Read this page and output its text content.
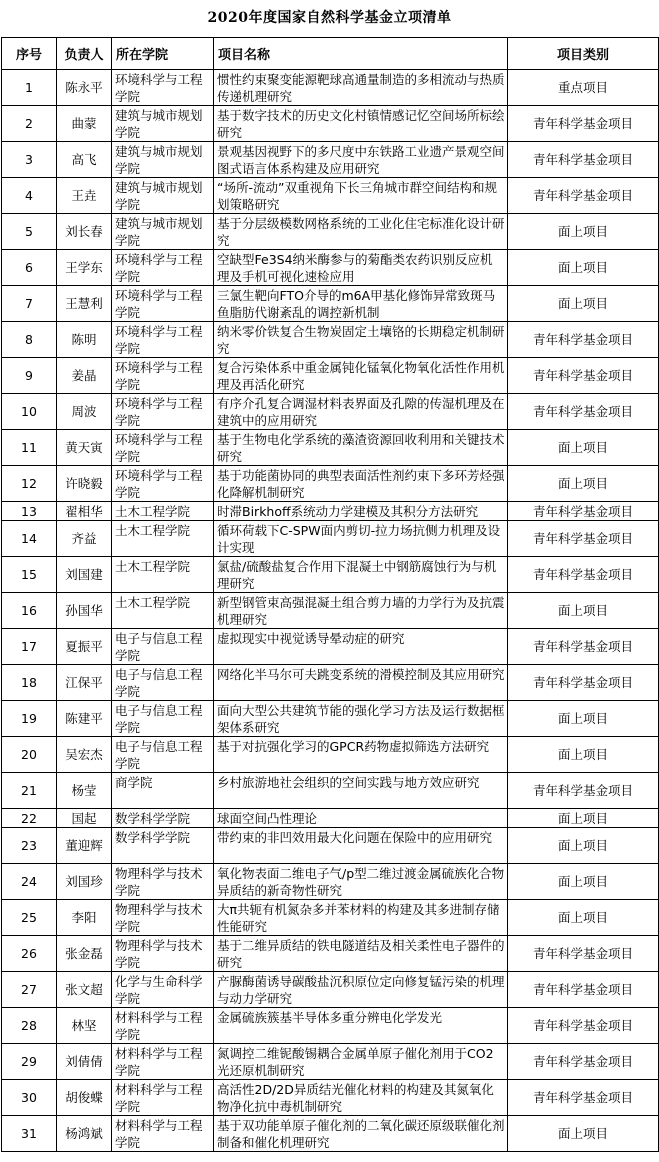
2020年度国家自然科学基金立项清单
序号	负责人	所在学院	项目名称	项目类别
1	陈永平	环境科学与工程学院	惯性约束聚变能源靶球高通量制造的多相流动与热质传递机理研究	重点项目
2	曲蒙	建筑与城市规划学院	基于数字技术的历史文化村镇情感记忆空间场所标绘研究	青年科学基金项目
3	高飞	建筑与城市规划学院	景观基因视野下的多尺度中东铁路工业遗产景观空间图式语言体系构建及应用研究	青年科学基金项目
4	王垚	建筑与城市规划学院	“场所-流动”双重视角下长三角城市群空间结构和规划策略研究	青年科学基金项目
5	刘长春	建筑与城市规划学院	基于分层级模数网格系统的工业化住宅标准化设计研究	面上项目
6	王学东	环境科学与工程学院	空缺型Fe3S4纳米酶参与的菊酯类农药识别反应机理及手机可视化速检应用	面上项目
7	王慧利	环境科学与工程学院	三氯生靶向FTO介导的m6A甲基化修饰异常致斑马鱼脂肪代谢紊乱的调控新机制	面上项目
8	陈明	环境科学与工程学院	纳米零价铁复合生物炭固定土壤铬的长期稳定机制研究	青年科学基金项目
9	姜晶	环境科学与工程学院	复合污染体系中重金属钝化锰氧化物氧化活性作用机理及再活化研究	青年科学基金项目
10	周波	环境科学与工程学院	有序介孔复合调湿材料表界面及孔隙的传湿机理及在建筑中的应用研究	青年科学基金项目
11	黄天寅	环境科学与工程学院	基于生物电化学系统的藻渣资源回收利用和关键技术研究	面上项目
12	许晓毅	环境科学与工程学院	基于功能菌协同的典型表面活性剂约束下多环芳烃强化降解机制研究	面上项目
13	翟相华	土木工程学院	时滞Birkhoff系统动力学建模及其积分方法研究	青年科学基金项目
14	齐益	土木工程学院	循环荷载下C-SPW面内剪切-拉力场抗侧力机理及设计实现	青年科学基金项目
15	刘国建	土木工程学院	氯盐/硫酸盐复合作用下混凝土中钢筋腐蚀行为与机理研究	青年科学基金项目
16	孙国华	土木工程学院	新型钢管束高强混凝土组合剪力墙的力学行为及抗震机理研究	面上项目
17	夏振平	电子与信息工程学院	虚拟现实中视觉诱导晕动症的研究	青年科学基金项目
18	江保平	电子与信息工程学院	网络化半马尔可夫跳变系统的滑模控制及其应用研究	青年科学基金项目
19	陈建平	电子与信息工程学院	面向大型公共建筑节能的强化学习方法及运行数据框架体系研究	面上项目
20	吴宏杰	电子与信息工程学院	基于对抗强化学习的GPCR药物虚拟筛选方法研究	面上项目
21	杨莹	商学院	乡村旅游地社会组织的空间实践与地方效应研究	青年科学基金项目
22	国起	数学科学学院	球面空间凸性理论	面上项目
23	董迎辉	数学科学学院	带约束的非凹效用最大化问题在保险中的应用研究	面上项目
24	刘国珍	物理科学与技术学院	氧化物表面二维电子气/p型二维过渡金属硫族化合物异质结的新奇物性研究	面上项目
25	李阳	物理科学与技术学院	大π共轭有机氮杂多并苯材料的构建及其多进制存储性能研究	面上项目
26	张金磊	物理科学与技术学院	基于二维异质结的铁电隧道结及相关柔性电子器件的研究	青年科学基金项目
27	张文超	化学与生命科学学院	产脲酶菌诱导碳酸盐沉积原位定向修复锰污染的机理与动力学研究	青年科学基金项目
28	林坚	材料科学与工程学院	金属硫族簇基半导体多重分辨电化学发光	青年科学基金项目
29	刘倩倩	材料科学与工程学院	氮调控二维铌酸锡耦合金属单原子催化剂用于CO2光还原机制研究	青年科学基金项目
30	胡俊蝶	材料科学与工程学院	高活性2D/2D异质结光催化材料的构建及其氮氧化物净化抗中毒机制研究	青年科学基金项目
31	杨鸿斌	材料科学与工程学院	基于双功能单原子催化剂的二氧化碳还原级联催化剂制备和催化机理研究	面上项目
